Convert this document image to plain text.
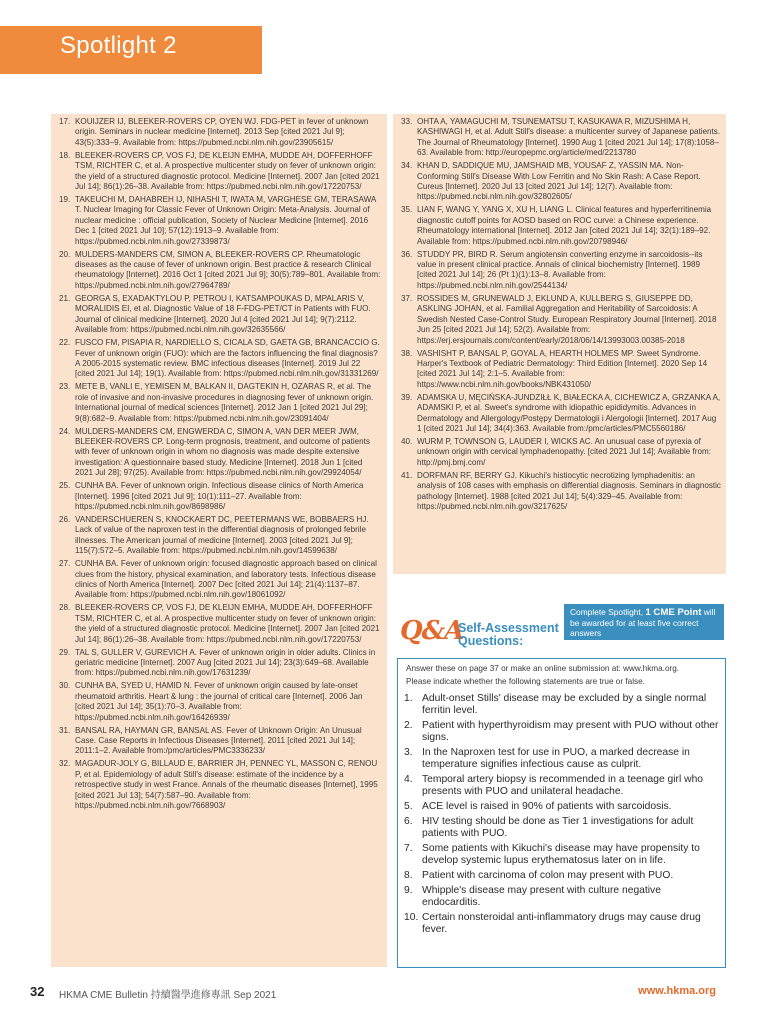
Spotlight 2
17. KOUIJZER IJ, BLEEKER-ROVERS CP, OYEN WJ. FDG-PET in fever of unknown origin. Seminars in nuclear medicine [Internet]. 2013 Sep [cited 2021 Jul 9]; 43(5):333–9. Available from: https://pubmed.ncbi.nlm.nih.gov/23905615/
18. BLEEKER-ROVERS CP, VOS FJ, DE KLEIJN EMHA, MUDDE AH, DOFFERHOFF TSM, RICHTER C, et al. A prospective multicenter study on fever of unknown origin: the yield of a structured diagnostic protocol. Medicine [Internet]. 2007 Jan [cited 2021 Jul 14]; 86(1):26–38. Available from: https://pubmed.ncbi.nlm.nih.gov/17220753/
19. TAKEUCHI M, DAHABREH IJ, NIHASHI T, IWATA M, VARGHESE GM, TERASAWA T. Nuclear Imaging for Classic Fever of Unknown Origin: Meta-Analysis. Journal of nuclear medicine : official publication, Society of Nuclear Medicine [Internet]. 2016 Dec 1 [cited 2021 Jul 10]; 57(12):1913–9. Available from: https://pubmed.ncbi.nlm.nih.gov/27339873/
20. MULDERS-MANDERS CM, SIMON A, BLEEKER-ROVERS CP. Rheumatologic diseases as the cause of fever of unknown origin. Best practice & research Clinical rheumatology [Internet]. 2016 Oct 1 [cited 2021 Jul 9]; 30(5):789–801. Available from: https://pubmed.ncbi.nlm.nih.gov/27964789/
21. GEORGA S, EXADAKTYLOU P, PETROU I, KATSAMPOUKAS D, MPALARIS V, MORALIDIS EI, et al. Diagnostic Value of 18 F-FDG-PET/CT in Patients with FUO. Journal of clinical medicine [Internet]. 2020 Jul 4 [cited 2021 Jul 14]; 9(7):2112. Available from: https://pubmed.ncbi.nlm.nih.gov/32635566/
22. FUSCO FM, PISAPIA R, NARDIELLO S, CICALA SD, GAETA GB, BRANCACCIO G. Fever of unknown origin (FUO): which are the factors influencing the final diagnosis? A 2005-2015 systematic review. BMC infectious diseases [Internet]. 2019 Jul 22 [cited 2021 Jul 14]; 19(1). Available from: https://pubmed.ncbi.nlm.nih.gov/31331269/
23. METE B, VANLI E, YEMISEN M, BALKAN II, DAGTEKIN H, OZARAS R, et al. The role of invasive and non-invasive procedures in diagnosing fever of unknown origin. International journal of medical sciences [Internet]. 2012 Jan 1 [cited 2021 Jul 29]; 9(8):682–9. Available from: https://pubmed.ncbi.nlm.nih.gov/23091404/
24. MULDERS-MANDERS CM, ENGWERDA C, SIMON A, VAN DER MEER JWM, BLEEKER-ROVERS CP. Long-term prognosis, treatment, and outcome of patients with fever of unknown origin in whom no diagnosis was made despite extensive investigation: A questionnaire based study. Medicine [Internet]. 2018 Jun 1 [cited 2021 Jul 28]; 97(25). Available from: https://pubmed.ncbi.nlm.nih.gov/29924054/
25. CUNHA BA. Fever of unknown origin. Infectious disease clinics of North America [Internet]. 1996 [cited 2021 Jul 9]; 10(1):111–27. Available from: https://pubmed.ncbi.nlm.nih.gov/8698986/
26. VANDERSCHUEREN S, KNOCKAERT DC, PEETERMANS WE, BOBBAERS HJ. Lack of value of the naproxen test in the differential diagnosis of prolonged febrile illnesses. The American journal of medicine [Internet]. 2003 [cited 2021 Jul 9]; 115(7):572–5. Available from: https://pubmed.ncbi.nlm.nih.gov/14599638/
27. CUNHA BA. Fever of unknown origin: focused diagnostic approach based on clinical clues from the history, physical examination, and laboratory tests. Infectious disease clinics of North America [Internet]. 2007 Dec [cited 2021 Jul 14]; 21(4):1137–87. Available from: https://pubmed.ncbi.nlm.nih.gov/18061092/
28. BLEEKER-ROVERS CP, VOS FJ, DE KLEIJN EMHA, MUDDE AH, DOFFERHOFF TSM, RICHTER C, et al. A prospective multicenter study on fever of unknown origin: the yield of a structured diagnostic protocol. Medicine [Internet]. 2007 Jan [cited 2021 Jul 14]; 86(1):26–38. Available from: https://pubmed.ncbi.nlm.nih.gov/17220753/
29. TAL S, GULLER V, GUREVICH A. Fever of unknown origin in older adults. Clinics in geriatric medicine [Internet]. 2007 Aug [cited 2021 Jul 14]; 23(3):649–68. Available from: https://pubmed.ncbi.nlm.nih.gov/17631239/
30. CUNHA BA, SYED U, HAMID N. Fever of unknown origin caused by late-onset rheumatoid arthritis. Heart & lung : the journal of critical care [Internet]. 2006 Jan [cited 2021 Jul 14]; 35(1):70–3. Available from: https://pubmed.ncbi.nlm.nih.gov/16426939/
31. BANSAL RA, HAYMAN GR, BANSAL AS. Fever of Unknown Origin: An Unusual Case. Case Reports in Infectious Diseases [Internet]. 2011 [cited 2021 Jul 14]; 2011:1–2. Available from:/pmc/articles/PMC3336233/
32. MAGADUR-JOLY G, BILLAUD E, BARRIER JH, PENNEC YL, MASSON C, RENOU P, et al. Epidemiology of adult Still's disease: estimate of the incidence by a retrospective study in west France. Annals of the rheumatic diseases [Internet], 1995 [cited 2021 Jul 13]; 54(7):587–90. Available from: https://pubmed.ncbi.nlm.nih.gov/7668903/
33. OHTA A, YAMAGUCHI M, TSUNEMATSU T, KASUKAWA R, MIZUSHIMA H, KASHIWAGI H, et al. Adult Still's disease: a multicenter survey of Japanese patients. The Journal of Rheumatology [Internet]. 1990 Aug 1 [cited 2021 Jul 14]; 17(8):1058–63. Available from: http://europepmc.org/article/med/2213780
34. KHAN D, SADDIQUE MU, JAMSHAID MB, YOUSAF Z, YASSIN MA. Non-Conforming Still's Disease With Low Ferritin and No Skin Rash: A Case Report. Cureus [Internet]. 2020 Jul 13 [cited 2021 Jul 14]; 12(7). Available from: https://pubmed.ncbi.nlm.nih.gov/32802605/
35. LIAN F, WANG Y, YANG X, XU H, LIANG L. Clinical features and hyperferritinemia diagnostic cutoff points for AOSD based on ROC curve: a Chinese experience. Rheumatology international [Internet]. 2012 Jan [cited 2021 Jul 14]; 32(1):189–92. Available from: https://pubmed.ncbi.nlm.nih.gov/20798946/
36. STUDDY PR, BIRD R. Serum angiotensin converting enzyme in sarcoidosis--its value in present clinical practice. Annals of clinical biochemistry [Internet]. 1989 [cited 2021 Jul 14]; 26 (Pt 1)(1):13–8. Available from: https://pubmed.ncbi.nlm.nih.gov/2544134/
37. ROSSIDES M, GRUNEWALD J, EKLUND A, KULLBERG S, GIUSEPPE DD, ASKLING JOHAN, et al. Familial Aggregation and Heritability of Sarcoidosis: A Swedish Nested Case-Control Study. European Respiratory Journal [Internet]. 2018 Jun 25 [cited 2021 Jul 14]; 52(2). Available from: https://erj.ersjournals.com/content/early/2018/06/14/13993003.00385-2018
38. VASHISHT P, BANSAL P, GOYAL A, HEARTH HOLMES MP. Sweet Syndrome. Harper's Textbook of Pediatric Dermatology: Third Edition [Internet]. 2020 Sep 14 [cited 2021 Jul 14]; 2:1–5. Available from: https://www.ncbi.nlm.nih.gov/books/NBK431050/
39. ADAMSKA U, MĘCIŃSKA-JUNDZIŁŁ K, BIAŁECKA A, CICHEWICZ A, GRZANKA A, ADAMSKI P, et al. Sweet's syndrome with idiopathic epididymitis. Advances in Dermatology and Allergology/Postępy Dermatologii i Alergologii [Internet]. 2017 Aug 1 [cited 2021 Jul 14]; 34(4):363. Available from:/pmc/articles/PMC5560186/
40. WURM P, TOWNSON G, LAUDER I, WICKS AC. An unusual case of pyrexia of unknown origin with cervical lymphadenopathy. [cited 2021 Jul 14]; Available from: http://pmj.bmj.com/
41. DORFMAN RF, BERRY GJ. Kikuchi's histiocytic necrotizing lymphadenitis: an analysis of 108 cases with emphasis on differential diagnosis. Seminars in diagnostic pathology [Internet]. 1988 [cited 2021 Jul 14]; 5(4):329–45. Available from: https://pubmed.ncbi.nlm.nih.gov/3217625/
Q&A
Self-Assessment
Questions:
Complete Spotlight, 1 CME Point will be awarded for at least five correct answers
Answer these on page 37 or make an online submission at: www.hkma.org.
Please indicate whether the following statements are true or false.
1. Adult-onset Stills' disease may be excluded by a single normal ferritin level.
2. Patient with hyperthyroidism may present with PUO without other signs.
3. In the Naproxen test for use in PUO, a marked decrease in temperature signifies infectious cause as culprit.
4. Temporal artery biopsy is recommended in a teenage girl who presents with PUO and unilateral headache.
5. ACE level is raised in 90% of patients with sarcoidosis.
6. HIV testing should be done as Tier 1 investigations for adult patients with PUO.
7. Some patients with Kikuchi's disease may have propensity to develop systemic lupus erythematosus later on in life.
8. Patient with carcinoma of colon may present with PUO.
9. Whipple's disease may present with culture negative endocarditis.
10. Certain nonsteroidal anti-inflammatory drugs may cause drug fever.
32 HKMA CME Bulletin 持續醫學進修專訊 Sep 2021	www.hkma.org
